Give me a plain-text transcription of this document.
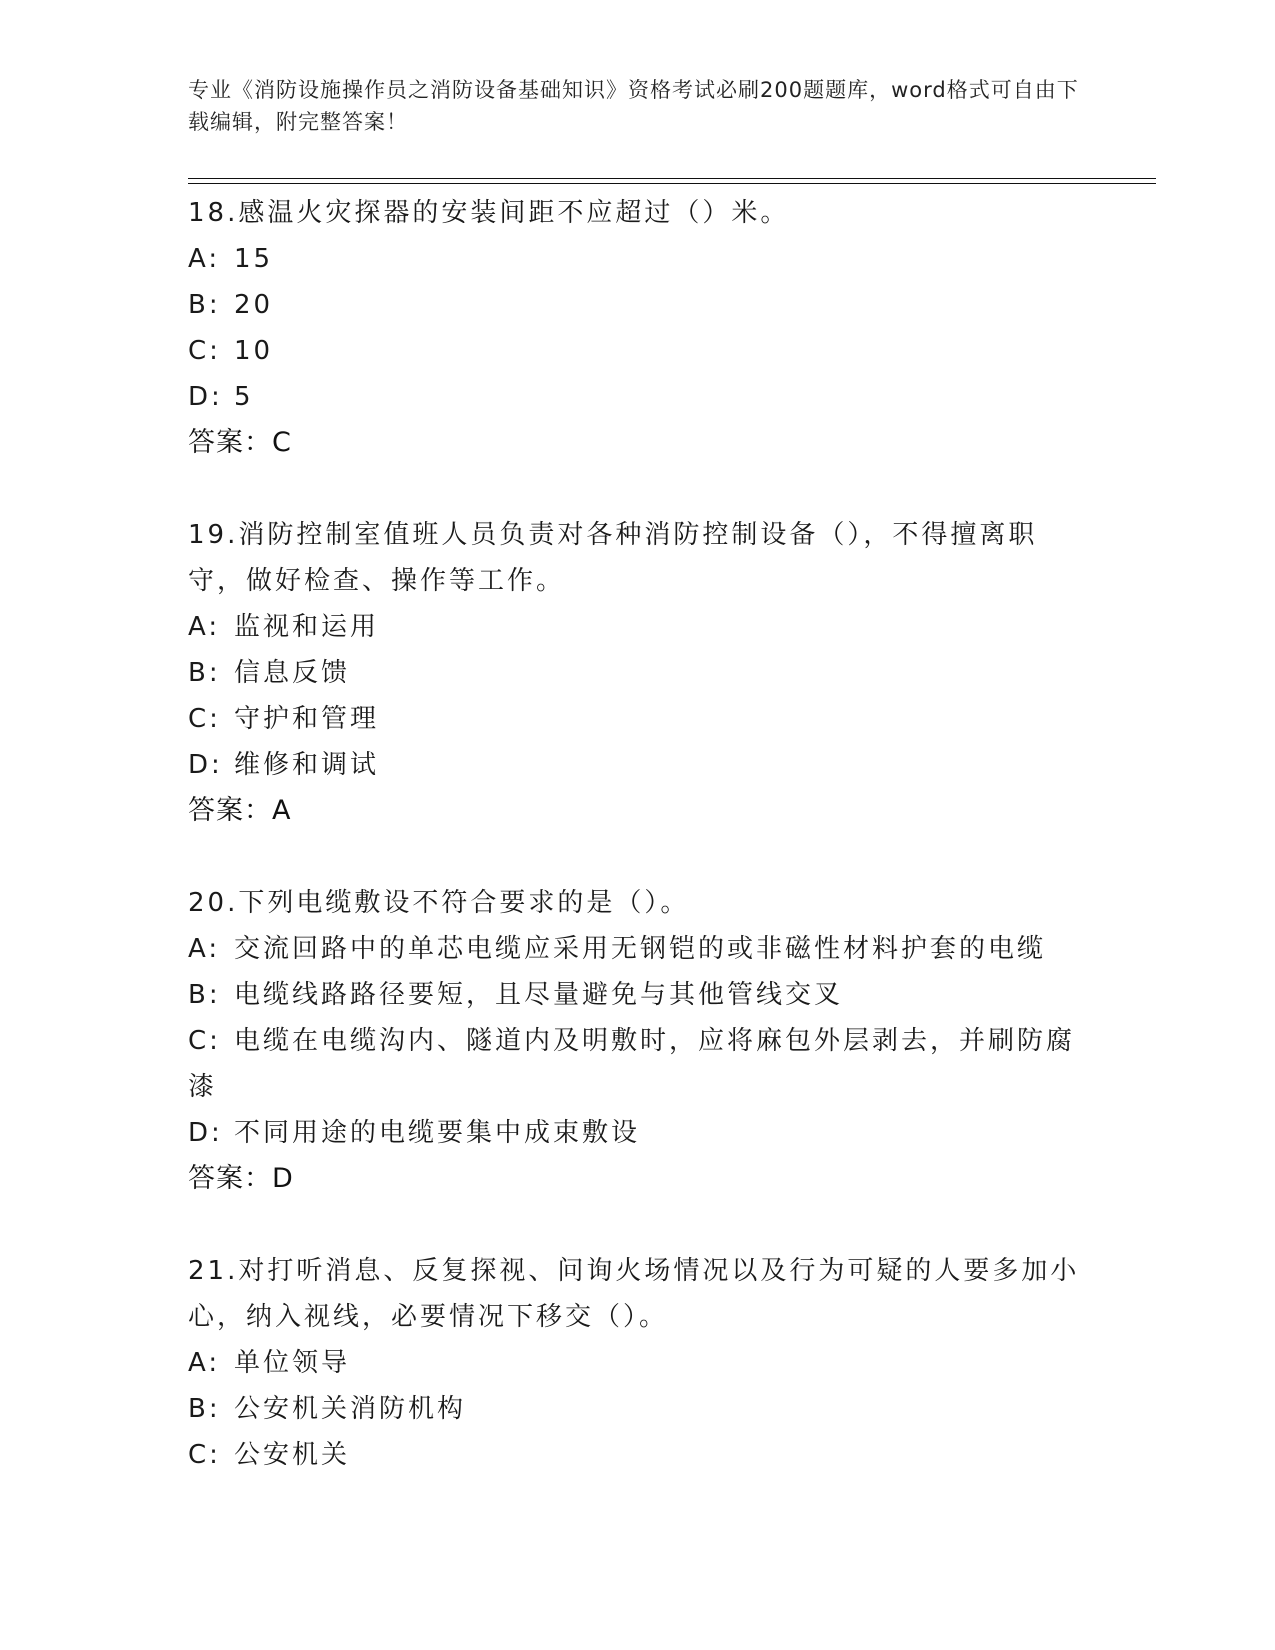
专业《消防设施操作员之消防设备基础知识》资格考试必刷200题题库，word格式可自由下载编辑，附完整答案！
18.感温火灾探器的安装间距不应超过（）米。
A: 15
B: 20
C: 10
D: 5
答案：C
19.消防控制室值班人员负责对各种消防控制设备（），不得擅离职守，做好检查、操作等工作。
A: 监视和运用
B: 信息反馈
C: 守护和管理
D: 维修和调试
答案：A
20.下列电缆敷设不符合要求的是（）。
A: 交流回路中的单芯电缆应采用无钢铠的或非磁性材料护套的电缆
B: 电缆线路路径要短，且尽量避免与其他管线交叉
C: 电缆在电缆沟内、隧道内及明敷时，应将麻包外层剥去，并刷防腐漆
D: 不同用途的电缆要集中成束敷设
答案：D
21.对打听消息、反复探视、问询火场情况以及行为可疑的人要多加小心，纳入视线，必要情况下移交（）。
A: 单位领导
B: 公安机关消防机构
C: 公安机关
